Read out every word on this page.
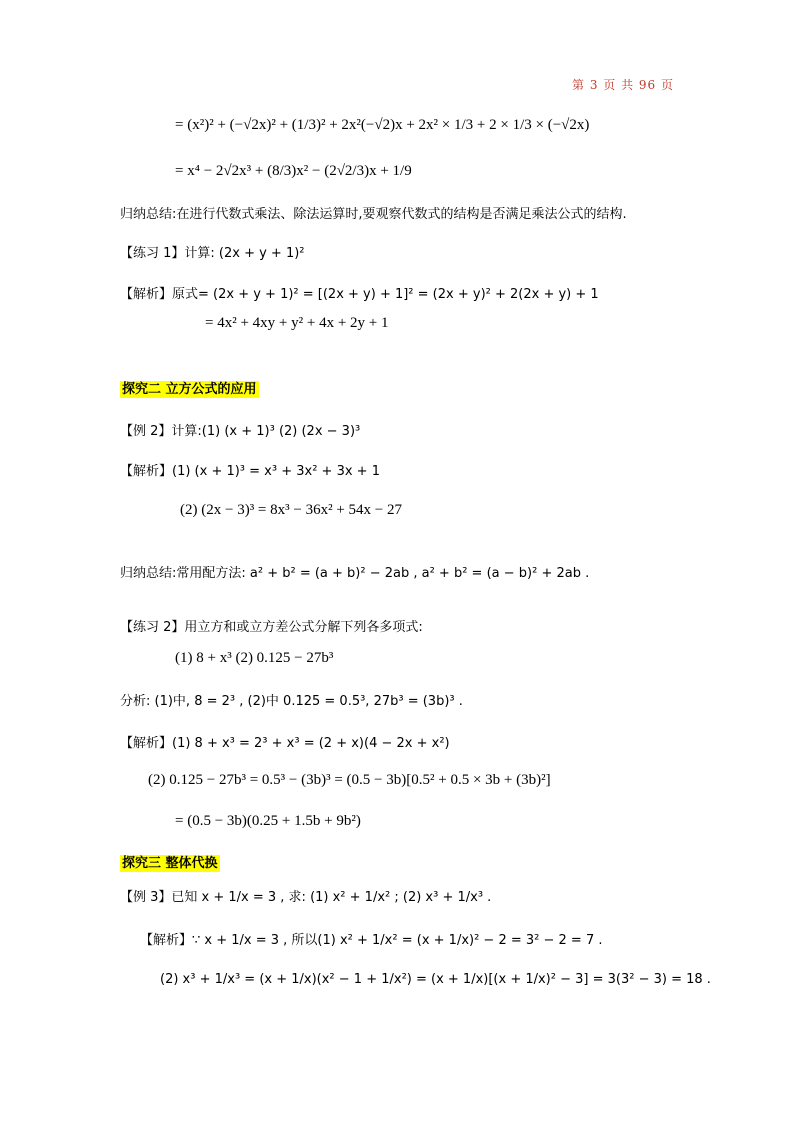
第 3 页 共 96 页
= (x²)² + (−√2x)² + (1/3)² + 2x²(−√2)x + 2x² × 1/3 + 2 × 1/3 × (−√2x)
= x⁴ − 2√2x³ + (8/3)x² − (2√2/3)x + 1/9
归纳总结:在进行代数式乘法、除法运算时,要观察代数式的结构是否满足乘法公式的结构.
【练习 1】计算: (2x + y + 1)²
【解析】原式= (2x + y + 1)² = [(2x + y) + 1]² = (2x + y)² + 2(2x + y) + 1
= 4x² + 4xy + y² + 4x + 2y + 1
探究二 立方公式的应用
【例 2】计算:(1) (x + 1)³ (2) (2x − 3)³
【解析】(1) (x + 1)³ = x³ + 3x² + 3x + 1
(2) (2x − 3)³ = 8x³ − 36x² + 54x − 27
归纳总结:常用配方法: a² + b² = (a + b)² − 2ab , a² + b² = (a − b)² + 2ab .
【练习 2】用立方和或立方差公式分解下列各多项式:
(1) 8 + x³ (2) 0.125 − 27b³
分析: (1)中, 8 = 2³ , (2)中 0.125 = 0.5³, 27b³ = (3b)³ .
【解析】(1) 8 + x³ = 2³ + x³ = (2 + x)(4 − 2x + x²)
(2) 0.125 − 27b³ = 0.5³ − (3b)³ = (0.5 − 3b)[0.5² + 0.5 × 3b + (3b)²]
= (0.5 − 3b)(0.25 + 1.5b + 9b²)
探究三 整体代换
【例 3】已知 x + 1/x = 3 , 求: (1) x² + 1/x² ; (2) x³ + 1/x³ .
【解析】∵ x + 1/x = 3 , 所以(1) x² + 1/x² = (x + 1/x)² − 2 = 3² − 2 = 7 .
(2) x³ + 1/x³ = (x + 1/x)(x² − 1 + 1/x²) = (x + 1/x)[(x + 1/x)² − 3] = 3(3² − 3) = 18 .
